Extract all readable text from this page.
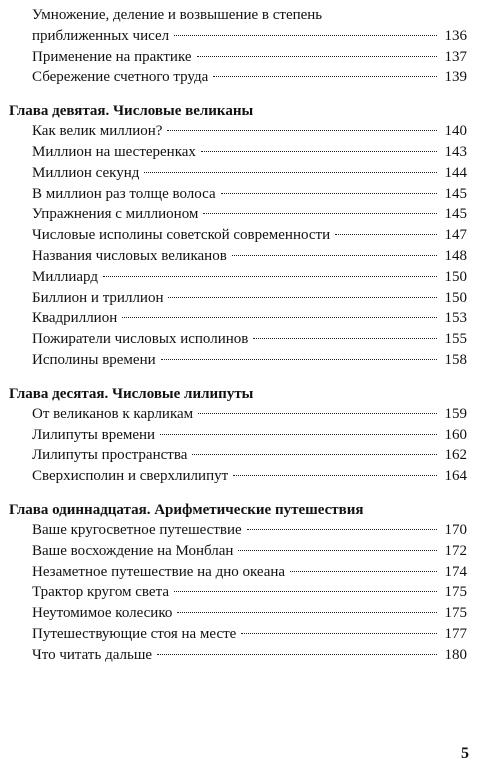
Умножение, деление и возвышение в степень
приближенных чисел	136
Применение на практике	137
Сбережение счетного труда	139
Глава девятая. Числовые великаны
Как велик миллион?	140
Миллион на шестеренках	143
Миллион секунд	144
В миллион раз толще волоса	145
Упражнения с миллионом	145
Числовые исполины советской современности	147
Названия числовых великанов	148
Миллиард	150
Биллион и триллион	150
Квадриллион	153
Пожиратели числовых исполинов	155
Исполины времени	158
Глава десятая. Числовые лилипуты
От великанов к карликам	159
Лилипуты времени	160
Лилипуты пространства	162
Сверхисполин и сверхлилипут	164
Глава одиннадцатая. Арифметические путешествия
Ваше кругосветное путешествие	170
Ваше восхождение на Монблан	172
Незаметное путешествие на дно океана	174
Трактор кругом света	175
Неутомимое колесико	175
Путешествующие стоя на месте	177
Что читать дальше	180
5
